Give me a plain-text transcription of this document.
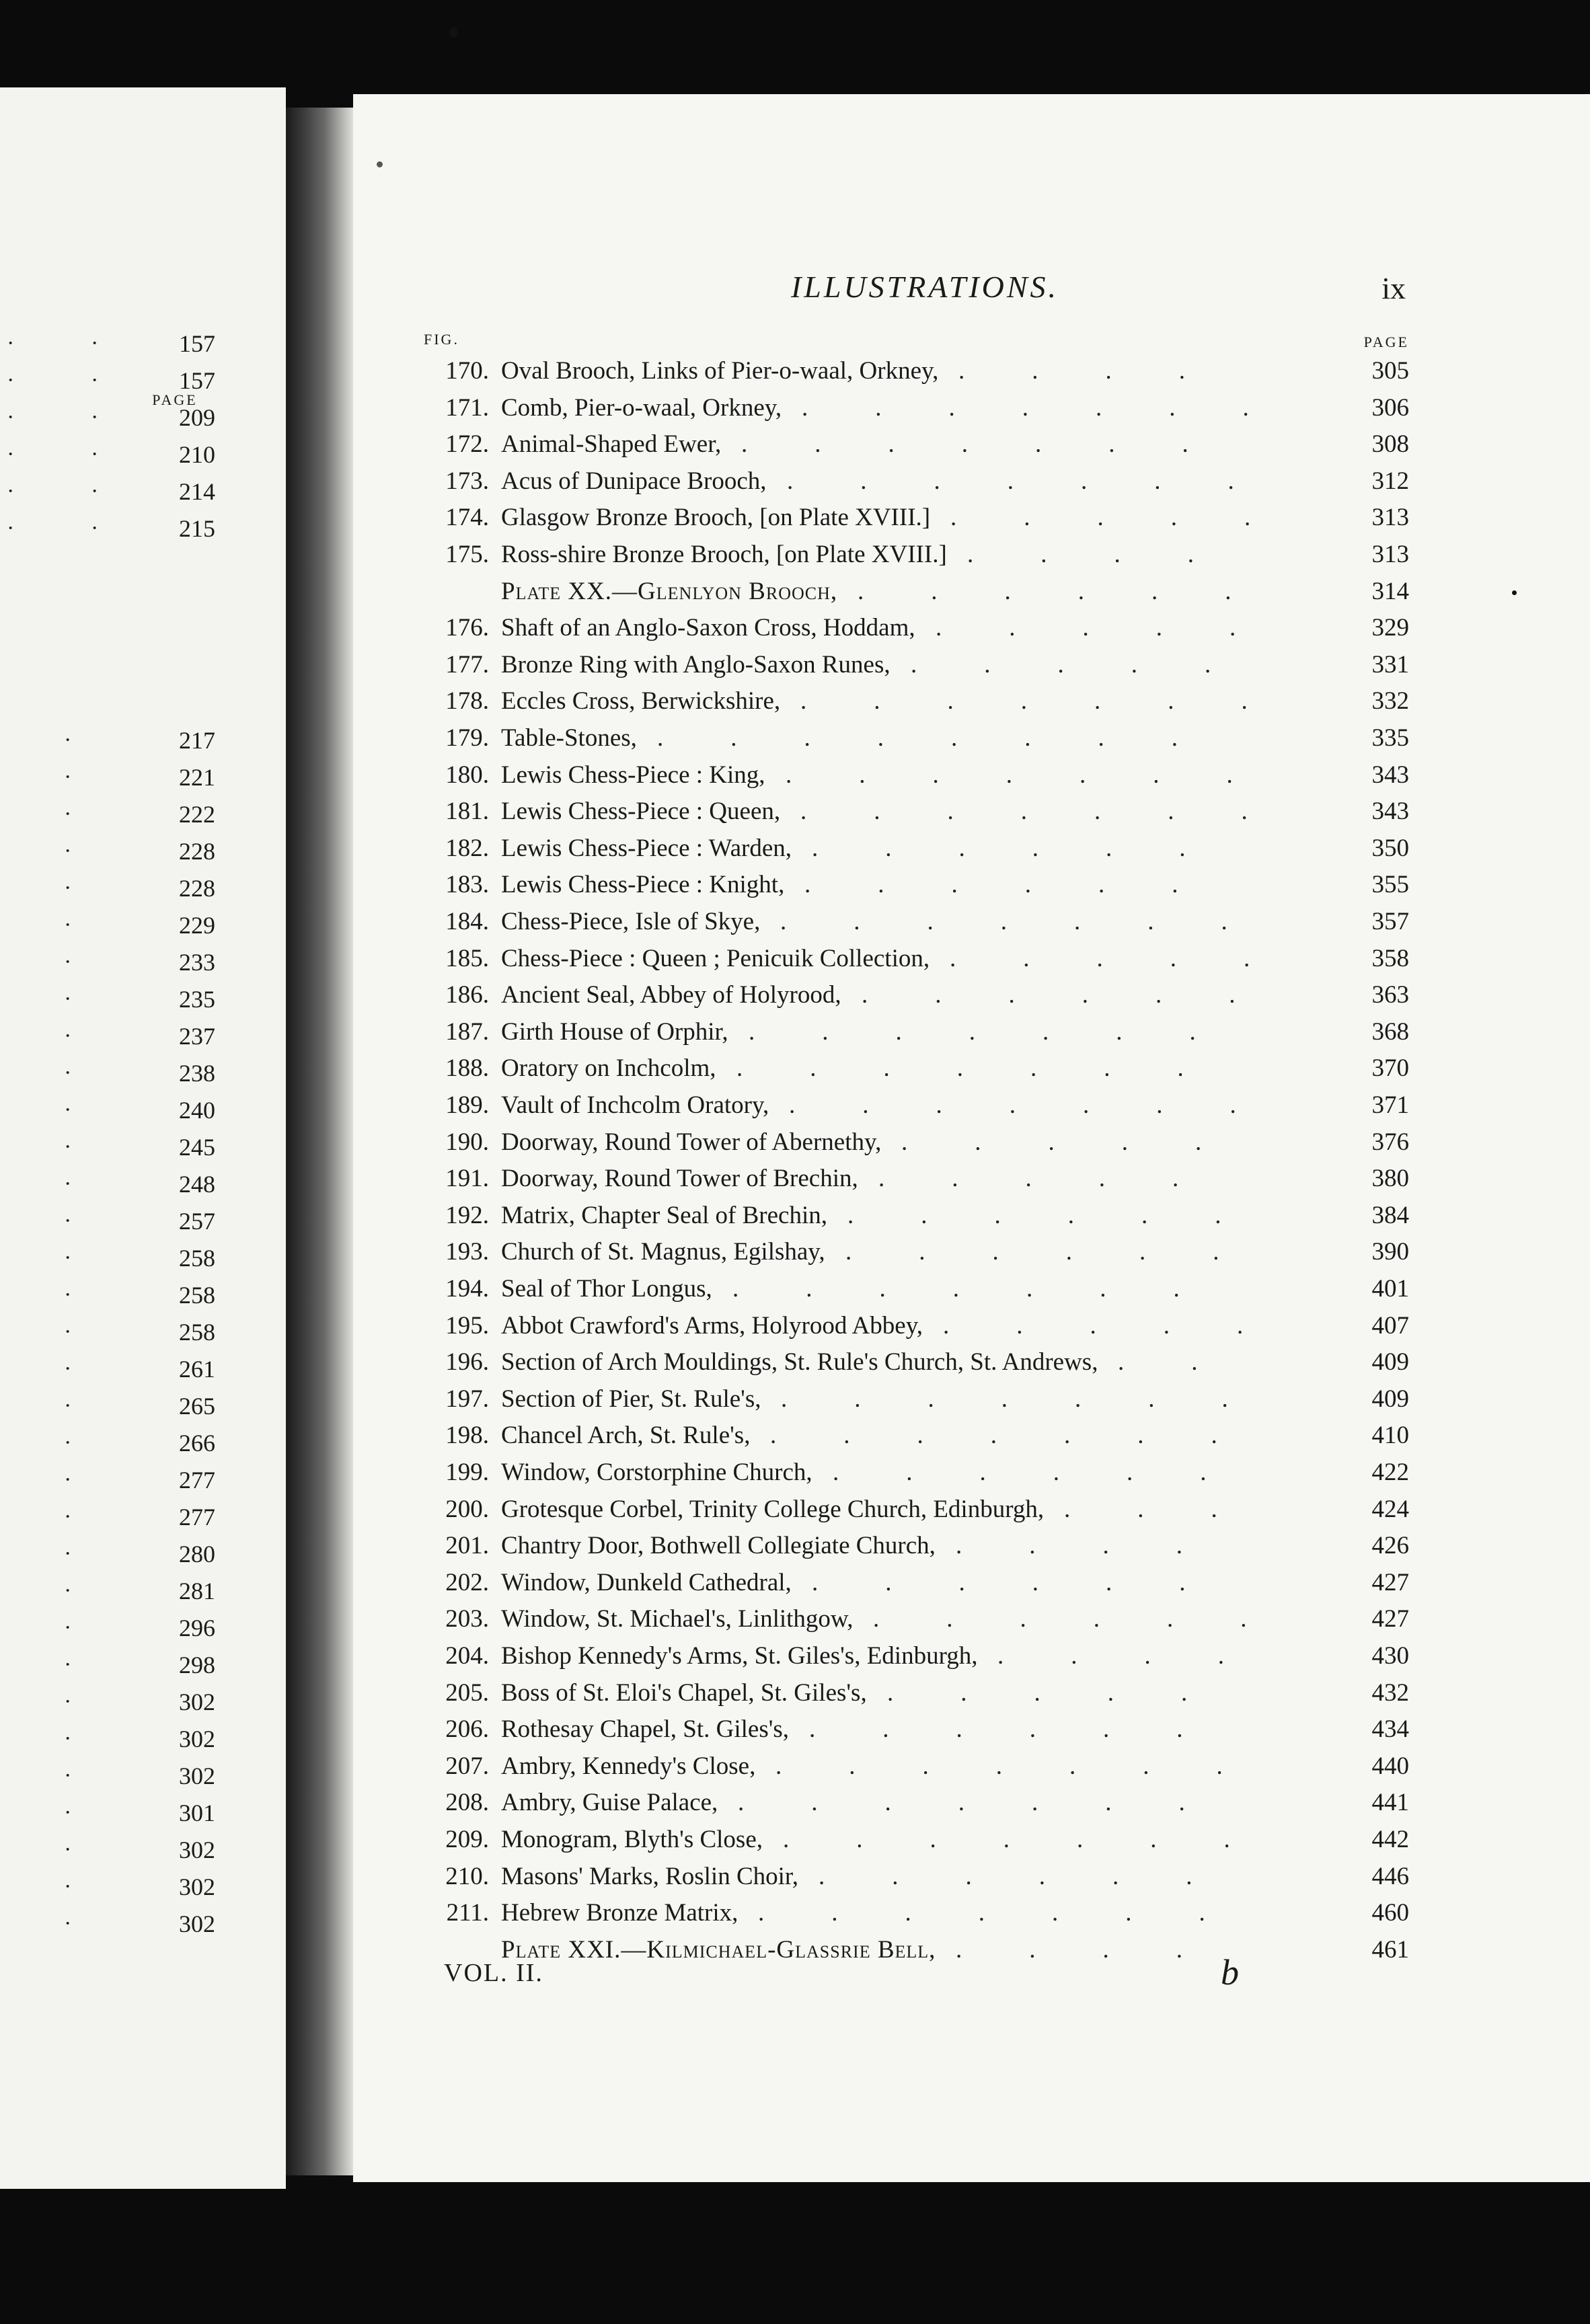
PAGE
·	·	157
·	·	157
·	·	209
·	·	210
·	·	214
·	·	215
·	217
·	221
·	222
·	228
·	228
·	229
·	233
·	235
·	237
·	238
·	240
·	245
·	248
·	257
·	258
·	258
·	258
·	261
·	265
·	266
·	277
·	277
·	280
·	281
·	296
·	298
·	302
·	302
·	302
·	301
·	302
·	302
·	302
ILLUSTRATIONS.	ix
FIG.	PAGE
170. Oval Brooch, Links of Pier-o-waal, Orkney, ....	305
171. Comb, Pier-o-waal, Orkney, .......	306
172. Animal-Shaped Ewer, .......	308
173. Acus of Dunipace Brooch, .......	312
174. Glasgow Bronze Brooch, [on Plate XVIII.] .....	313
175. Ross-shire Bronze Brooch, [on Plate XVIII.] ....	313
Plate XX.—Glenlyon Brooch, ......	314
176. Shaft of an Anglo-Saxon Cross, Hoddam, .....	329
177. Bronze Ring with Anglo-Saxon Runes, .....	331
178. Eccles Cross, Berwickshire, .......	332
179. Table-Stones, ........	335
180. Lewis Chess-Piece : King, .......	343
181. Lewis Chess-Piece : Queen, .......	343
182. Lewis Chess-Piece : Warden, ......	350
183. Lewis Chess-Piece : Knight, ......	355
184. Chess-Piece, Isle of Skye, .......	357
185. Chess-Piece : Queen ; Penicuik Collection, .....	358
186. Ancient Seal, Abbey of Holyrood, ......	363
187. Girth House of Orphir, .......	368
188. Oratory on Inchcolm, .......	370
189. Vault of Inchcolm Oratory, .......	371
190. Doorway, Round Tower of Abernethy, .....	376
191. Doorway, Round Tower of Brechin, .....	380
192. Matrix, Chapter Seal of Brechin, ......	384
193. Church of St. Magnus, Egilshay, ......	390
194. Seal of Thor Longus, .......	401
195. Abbot Crawford's Arms, Holyrood Abbey, .....	407
196. Section of Arch Mouldings, St. Rule's Church, St. Andrews, ..	409
197. Section of Pier, St. Rule's, .......	409
198. Chancel Arch, St. Rule's, .......	410
199. Window, Corstorphine Church, ......	422
200. Grotesque Corbel, Trinity College Church, Edinburgh, ...	424
201. Chantry Door, Bothwell Collegiate Church, ....	426
202. Window, Dunkeld Cathedral, ......	427
203. Window, St. Michael's, Linlithgow, ......	427
204. Bishop Kennedy's Arms, St. Giles's, Edinburgh, ....	430
205. Boss of St. Eloi's Chapel, St. Giles's, .....	432
206. Rothesay Chapel, St. Giles's, ......	434
207. Ambry, Kennedy's Close, .......	440
208. Ambry, Guise Palace, .......	441
209. Monogram, Blyth's Close, .......	442
210. Masons' Marks, Roslin Choir, ......	446
211. Hebrew Bronze Matrix, .......	460
Plate XXI.—Kilmichael-Glassrie Bell, ....	461
VOL. II.	b
